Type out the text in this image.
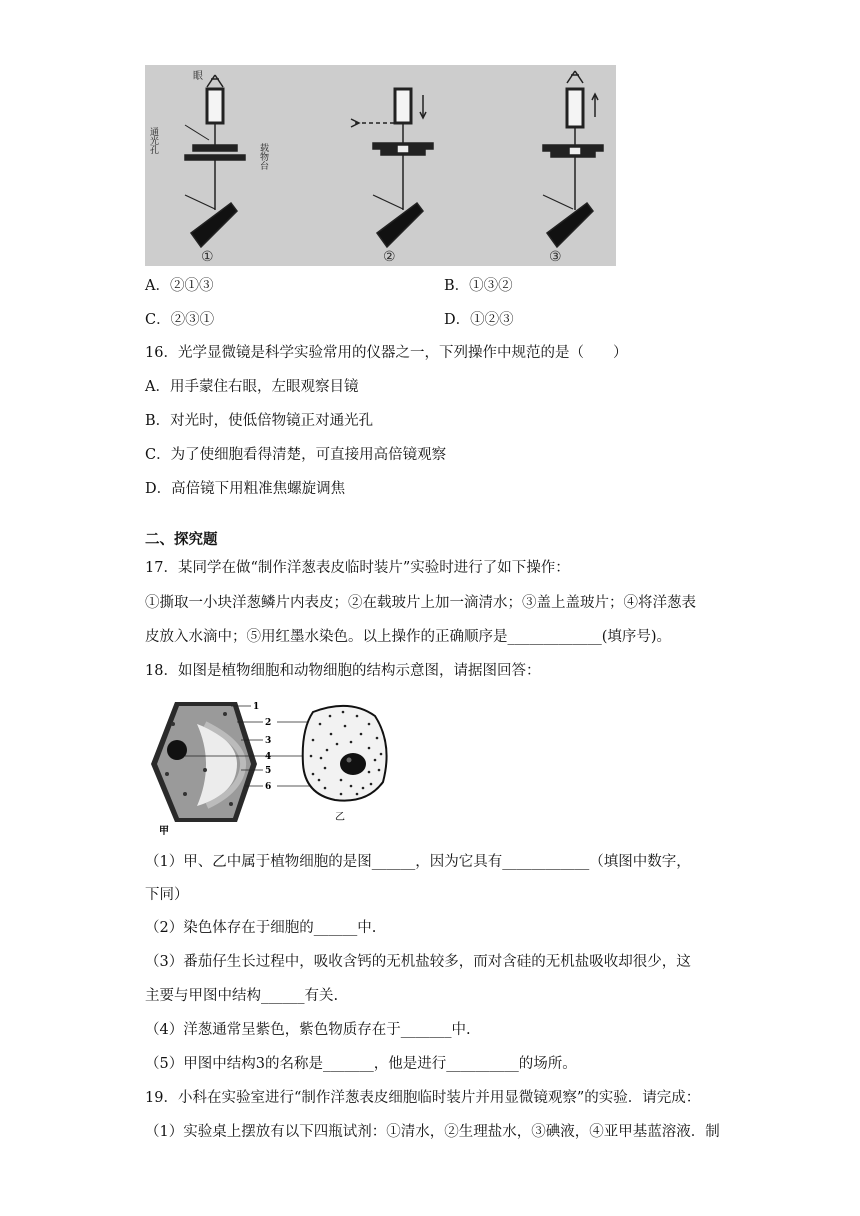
眼
通光孔
载物台
①	②	③
A．②①③	B．①③②
C．②③①	D．①②③
16．光学显微镜是科学实验常用的仪器之一，下列操作中规范的是（　　）
A．用手蒙住右眼，左眼观察目镜
B．对光时，使低倍物镜正对通光孔
C．为了使细胞看得清楚，可直接用高倍镜观察
D．高倍镜下用粗准焦螺旋调焦
二、探究题
17．某同学在做“制作洋葱表皮临时装片”实验时进行了如下操作：
①撕取一小块洋葱鳞片内表皮；②在载玻片上加一滴清水；③盖上盖玻片；④将洋葱表
皮放入水滴中；⑤用红墨水染色。以上操作的正确顺序是_____________(填序号)。
18．如图是植物细胞和动物细胞的结构示意图，请据图回答：
1
2
3
4
5
6
甲
乙
（1）甲、乙中属于植物细胞的是图______，因为它具有____________（填图中数字，
下同）
（2）染色体存在于细胞的______中.
（3）番茄仔生长过程中，吸收含钙的无机盐较多，而对含硅的无机盐吸收却很少，这
主要与甲图中结构______有关.
（4）洋葱通常呈紫色，紫色物质存在于_______中.
（5）甲图中结构3的名称是_______，他是进行__________的场所。
19．小科在实验室进行“制作洋葱表皮细胞临时装片并用显微镜观察”的实验．请完成：
（1）实验桌上摆放有以下四瓶试剂：①清水，②生理盐水，③碘液，④亚甲基蓝溶液．制
